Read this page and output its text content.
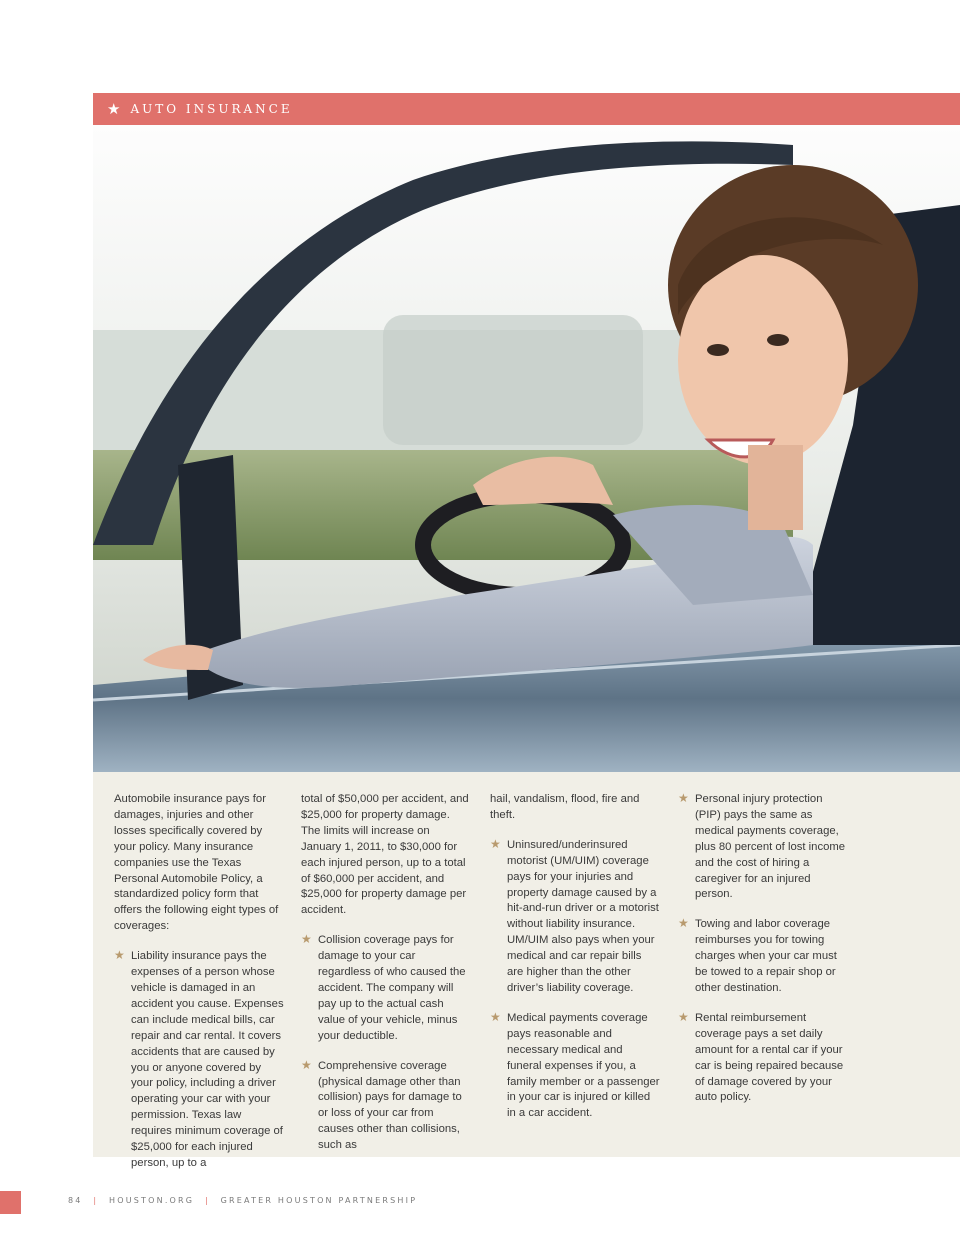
★ AUTO INSURANCE

Automobile insurance pays for damages, injuries and other losses specifically covered by your policy. Many insurance companies use the Texas Personal Automobile Policy, a standardized policy form that offers the following eight types of coverages:

★ Liability insurance pays the expenses of a person whose vehicle is damaged in an accident you cause. Expenses can include medical bills, car repair and car rental. It covers accidents that are caused by you or anyone covered by your policy, including a driver operating your car with your permission. Texas law requires minimum coverage of $25,000 for each injured person, up to a

total of $50,000 per accident, and $25,000 for property damage. The limits will increase on January 1, 2011, to $30,000 for each injured person, up to a total of $60,000 per accident, and $25,000 for property damage per accident.

★ Collision coverage pays for damage to your car regardless of who caused the accident. The company will pay up to the actual cash value of your vehicle, minus your deductible.
★ Comprehensive coverage (physical damage other than collision) pays for damage to or loss of your car from causes other than collisions, such as

hail, vandalism, flood, fire and theft.

★ Uninsured/underinsured motorist (UM/UIM) coverage pays for your injuries and property damage caused by a hit-and-run driver or a motorist without liability insurance. UM/UIM also pays when your medical and car repair bills are higher than the other driver’s liability coverage.
★ Medical payments coverage pays reasonable and necessary medical and funeral expenses if you, a family member or a passenger in your car is injured or killed in a car accident.
★ Personal injury protection (PIP) pays the same as medical payments coverage, plus 80 percent of lost income and the cost of hiring a caregiver for an injured person.
★ Towing and labor coverage reimburses you for towing charges when your car must be towed to a repair shop or other destination.
★ Rental reimbursement coverage pays a set daily amount for a rental car if your car is being repaired because of damage covered by your auto policy.
84 | HOUSTON.ORG | GREATER HOUSTON PARTNERSHIP
